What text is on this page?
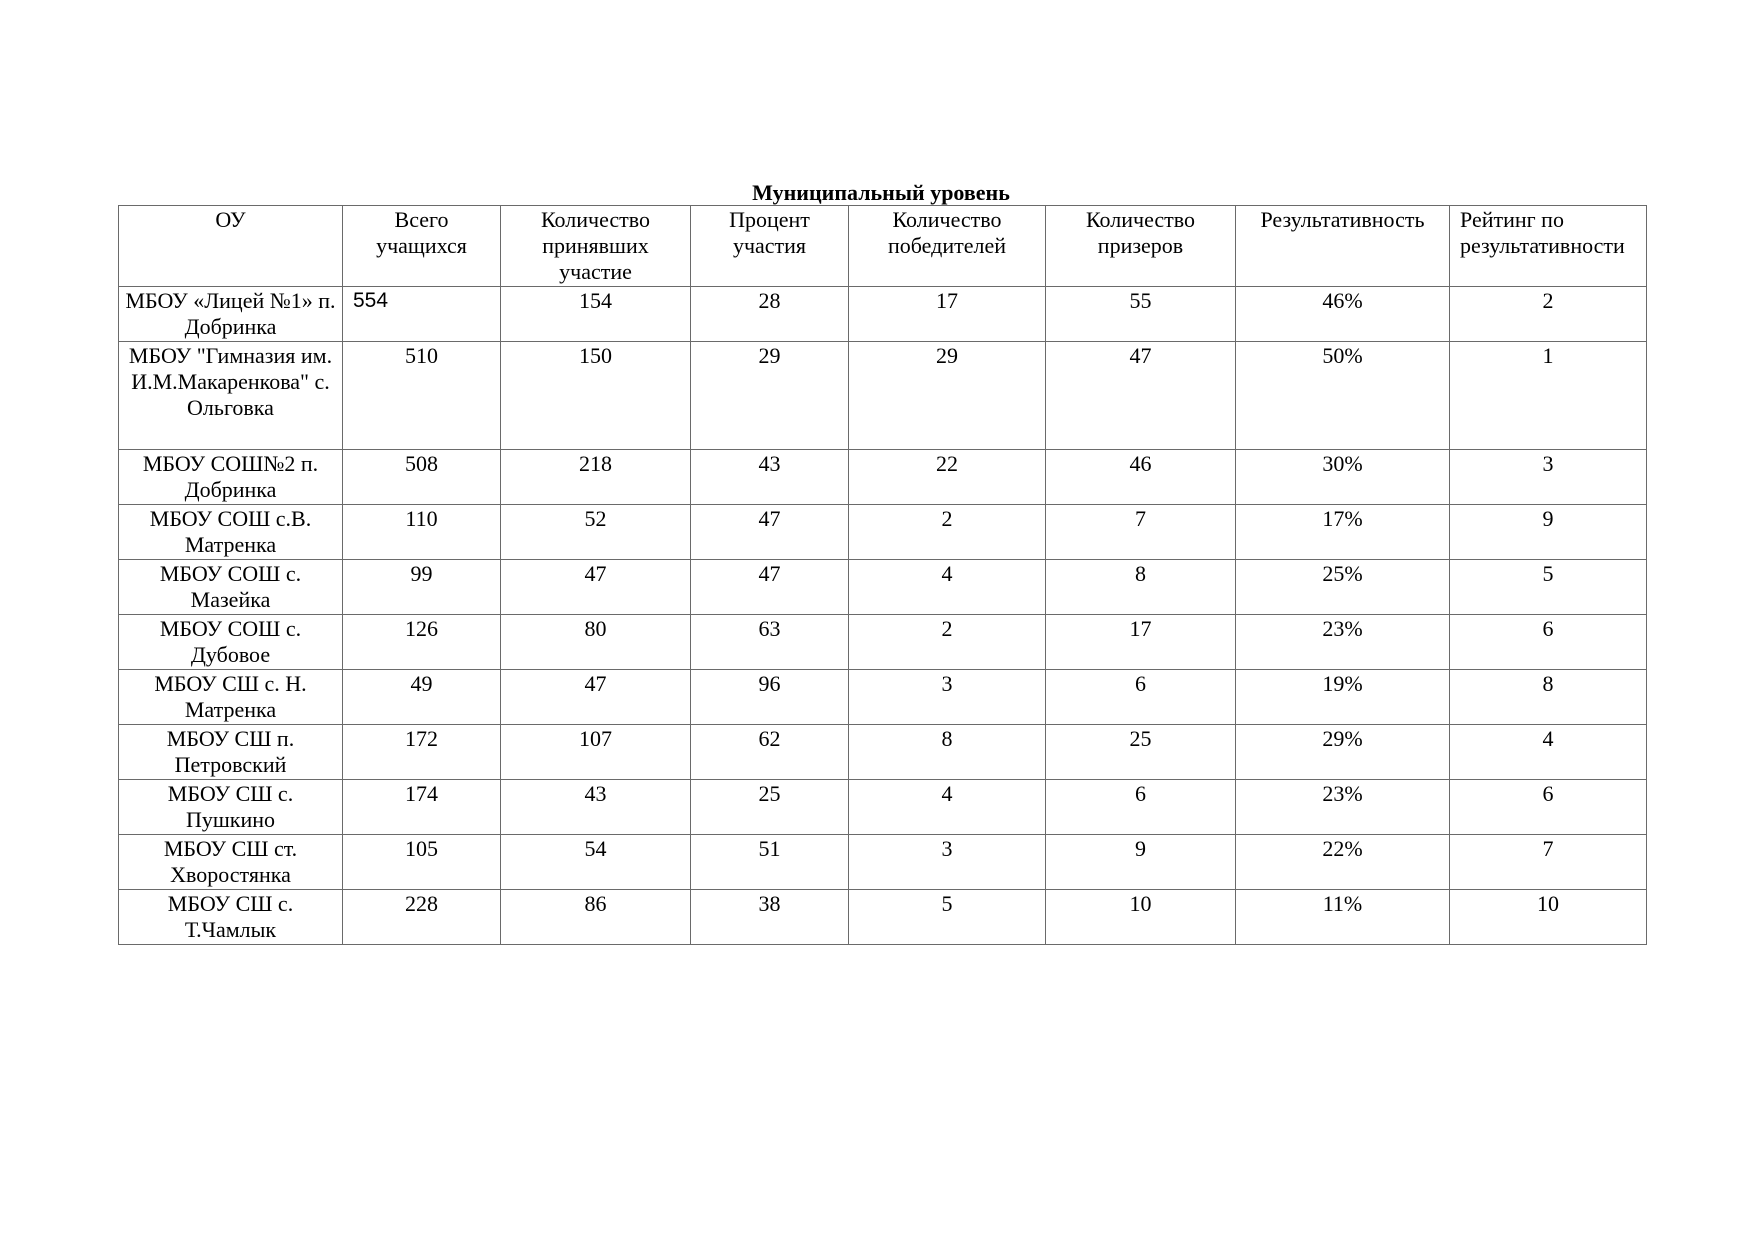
Муниципальный уровень
ОУ	Всего учащихся	Количество принявших участие	Процент участия	Количество победителей	Количество призеров	Результативность	Рейтинг по результативности
МБОУ «Лицей №1» п. Добринка	554	154	28	17	55	46%	2
МБОУ "Гимназия им. И.М.Макаренкова" с. Ольговка	510	150	29	29	47	50%	1
МБОУ СОШ№2 п. Добринка	508	218	43	22	46	30%	3
МБОУ СОШ с.В. Матренка	110	52	47	2	7	17%	9
МБОУ СОШ с. Мазейка	99	47	47	4	8	25%	5
МБОУ СОШ с. Дубовое	126	80	63	2	17	23%	6
МБОУ СШ с. Н. Матренка	49	47	96	3	6	19%	8
МБОУ СШ п. Петровский	172	107	62	8	25	29%	4
МБОУ СШ с. Пушкино	174	43	25	4	6	23%	6
МБОУ СШ ст. Хворостянка	105	54	51	3	9	22%	7
МБОУ СШ с. Т.Чамлык	228	86	38	5	10	11%	10
